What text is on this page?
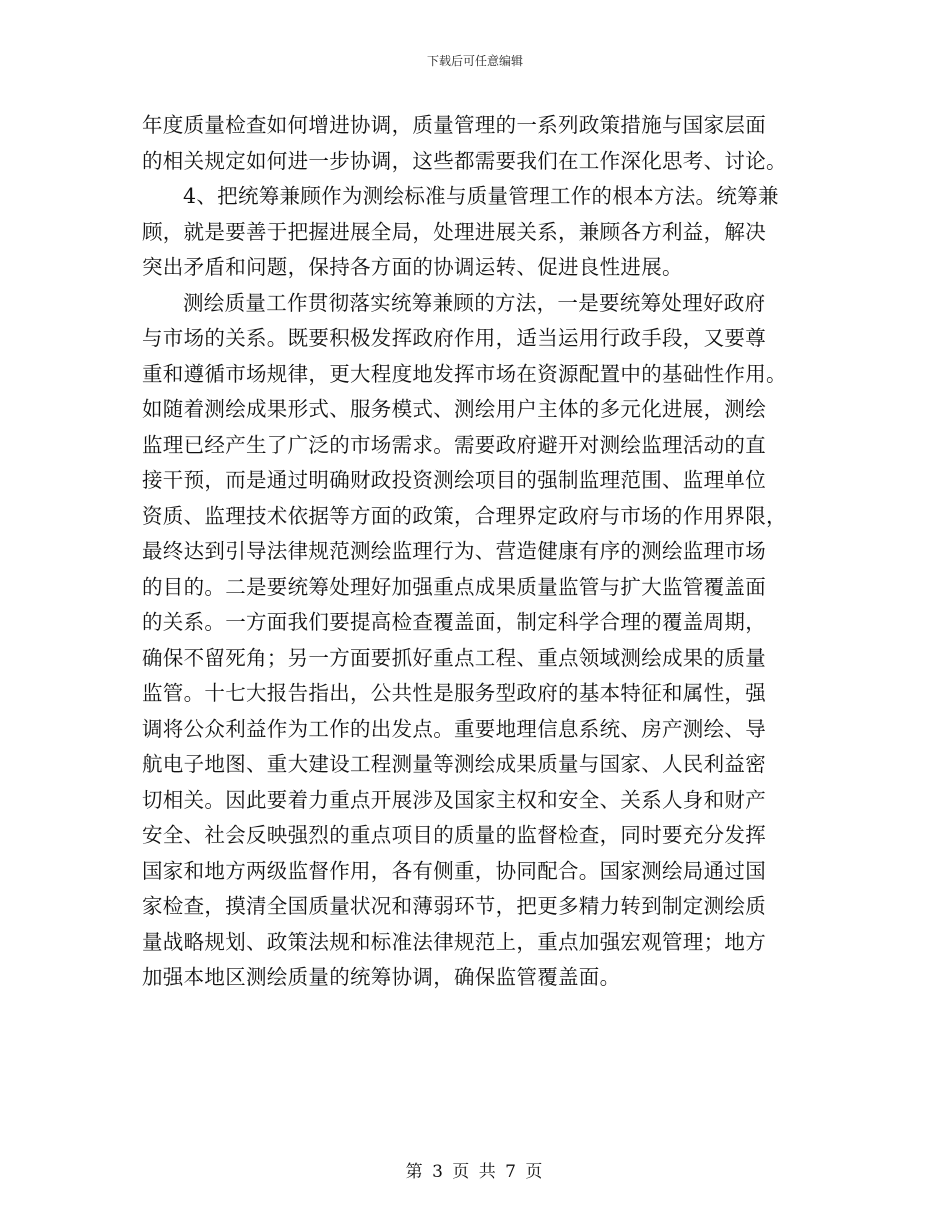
下载后可任意编辑
年度质量检查如何增进协调，质量管理的一系列政策措施与国家层面
的相关规定如何进一步协调，这些都需要我们在工作深化思考、讨论。
4、把统筹兼顾作为测绘标准与质量管理工作的根本方法。统筹兼
顾，就是要善于把握进展全局，处理进展关系，兼顾各方利益，解决
突出矛盾和问题，保持各方面的协调运转、促进良性进展。
测绘质量工作贯彻落实统筹兼顾的方法，一是要统筹处理好政府
与市场的关系。既要积极发挥政府作用，适当运用行政手段，又要尊
重和遵循市场规律，更大程度地发挥市场在资源配置中的基础性作用。
如随着测绘成果形式、服务模式、测绘用户主体的多元化进展，测绘
监理已经产生了广泛的市场需求。需要政府避开对测绘监理活动的直
接干预，而是通过明确财政投资测绘项目的强制监理范围、监理单位
资质、监理技术依据等方面的政策，合理界定政府与市场的作用界限，
最终达到引导法律规范测绘监理行为、营造健康有序的测绘监理市场
的目的。二是要统筹处理好加强重点成果质量监管与扩大监管覆盖面
的关系。一方面我们要提高检查覆盖面，制定科学合理的覆盖周期，
确保不留死角；另一方面要抓好重点工程、重点领域测绘成果的质量
监管。十七大报告指出，公共性是服务型政府的基本特征和属性，强
调将公众利益作为工作的出发点。重要地理信息系统、房产测绘、导
航电子地图、重大建设工程测量等测绘成果质量与国家、人民利益密
切相关。因此要着力重点开展涉及国家主权和安全、关系人身和财产
安全、社会反映强烈的重点项目的质量的监督检查，同时要充分发挥
国家和地方两级监督作用，各有侧重，协同配合。国家测绘局通过国
家检查，摸清全国质量状况和薄弱环节，把更多精力转到制定测绘质
量战略规划、政策法规和标准法律规范上，重点加强宏观管理；地方
加强本地区测绘质量的统筹协调，确保监管覆盖面。
第 3 页 共 7 页
